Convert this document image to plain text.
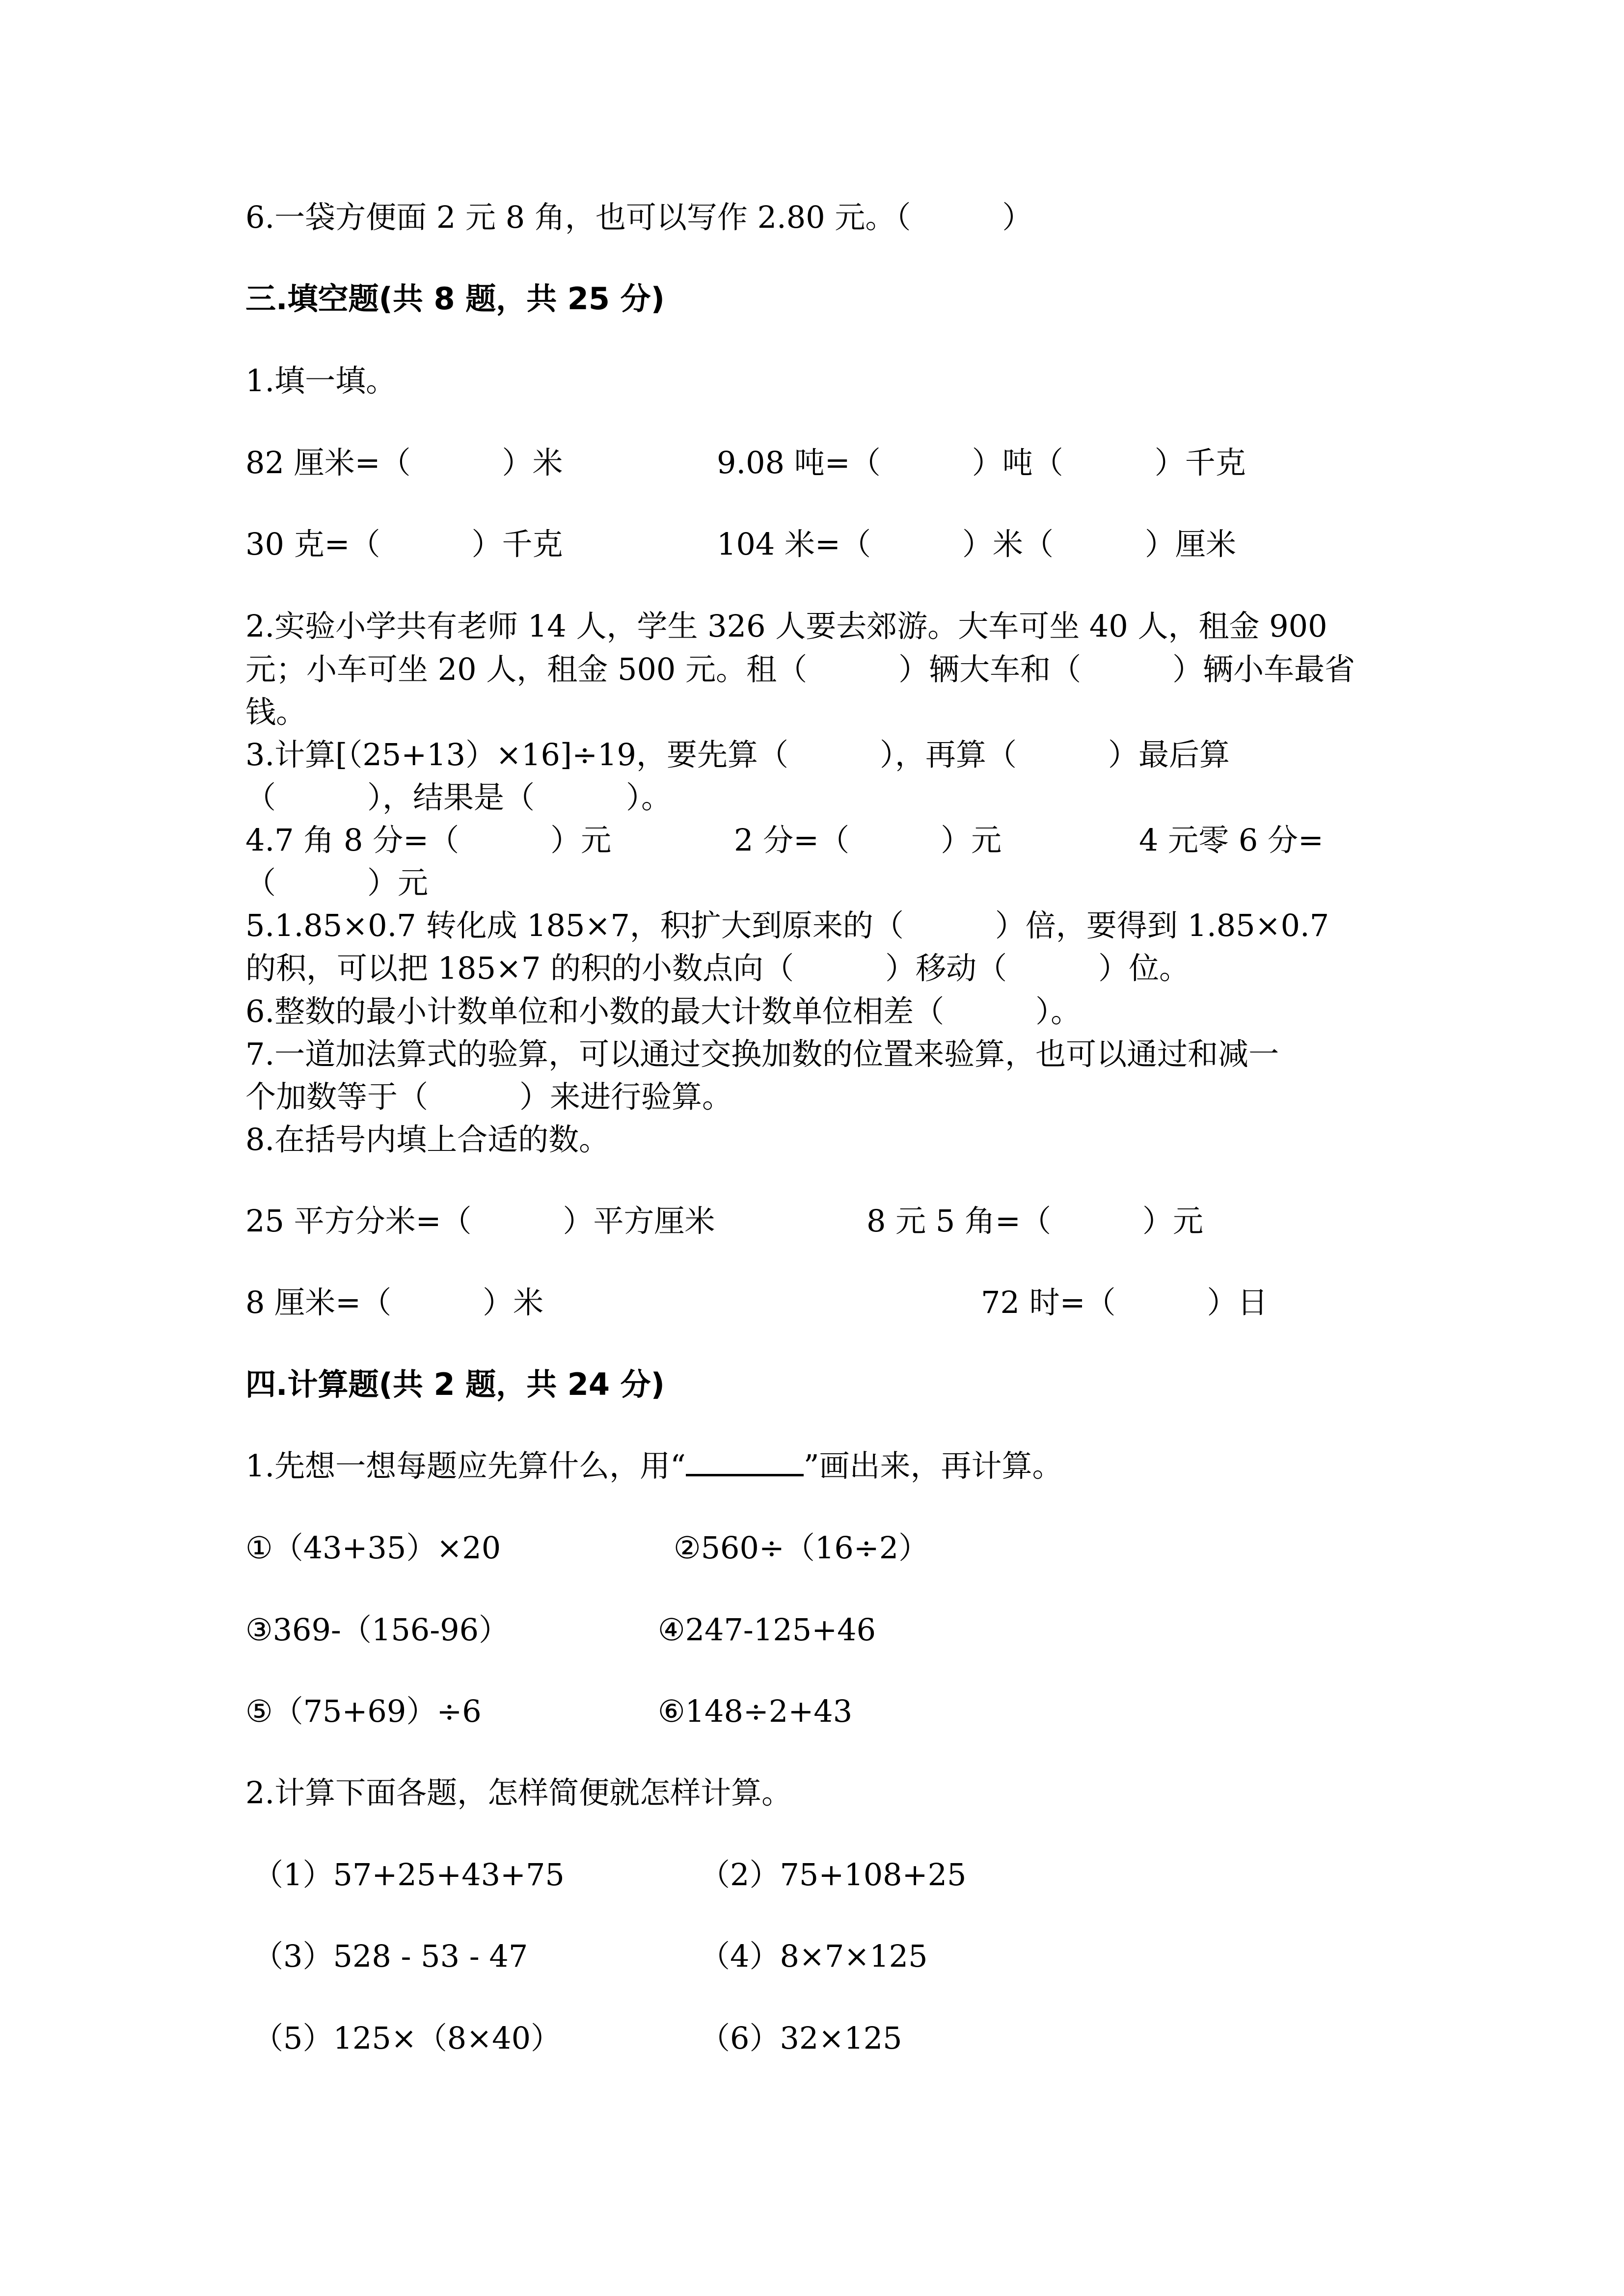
6.一袋方便面 2 元 8 角，也可以写作 2.80 元。（　　　）
三.填空题(共 8 题，共 25 分)
1.填一填。
82 厘米=（　　　）米	9.08 吨=（　　　）吨（　　　）千克
30 克=（　　　）千克	104 米=（　　　）米（　　　）厘米
2.实验小学共有老师 14 人，学生 326 人要去郊游。大车可坐 40 人，租金 900
元；小车可坐 20 人，租金 500 元。租（　　　）辆大车和（　　　）辆小车最省
钱。
3.计算[（25+13）×16]÷19，要先算（　　　），再算（　　　）最后算
（　　　），结果是（　　　）。
4.7 角 8 分=（　　　）元	2 分=（　　　）元	4 元零 6 分=
（　　　）元
5.1.85×0.7 转化成 185×7，积扩大到原来的（　　　）倍，要得到 1.85×0.7
的积，可以把 185×7 的积的小数点向（　　　）移动（　　　）位。
6.整数的最小计数单位和小数的最大计数单位相差（　　　）。
7.一道加法算式的验算，可以通过交换加数的位置来验算，也可以通过和减一
个加数等于（　　　）来进行验算。
8.在括号内填上合适的数。
25 平方分米=（　　　）平方厘米	8 元 5 角=（　　　）元
8 厘米=（　　　）米	72 时=（　　　）日
四.计算题(共 2 题，共 24 分)
1.先想一想每题应先算什么，用“	”画出来，再计算。
①（43+35）×20	②560÷（16÷2）
③369-（156-96）	④247-125+46
⑤（75+69）÷6	⑥148÷2+43
2.计算下面各题，怎样简便就怎样计算。
（1）57+25+43+75	（2）75+108+25
（3）528 - 53 - 47	（4）8×7×125
（5）125×（8×40）	（6）32×125
